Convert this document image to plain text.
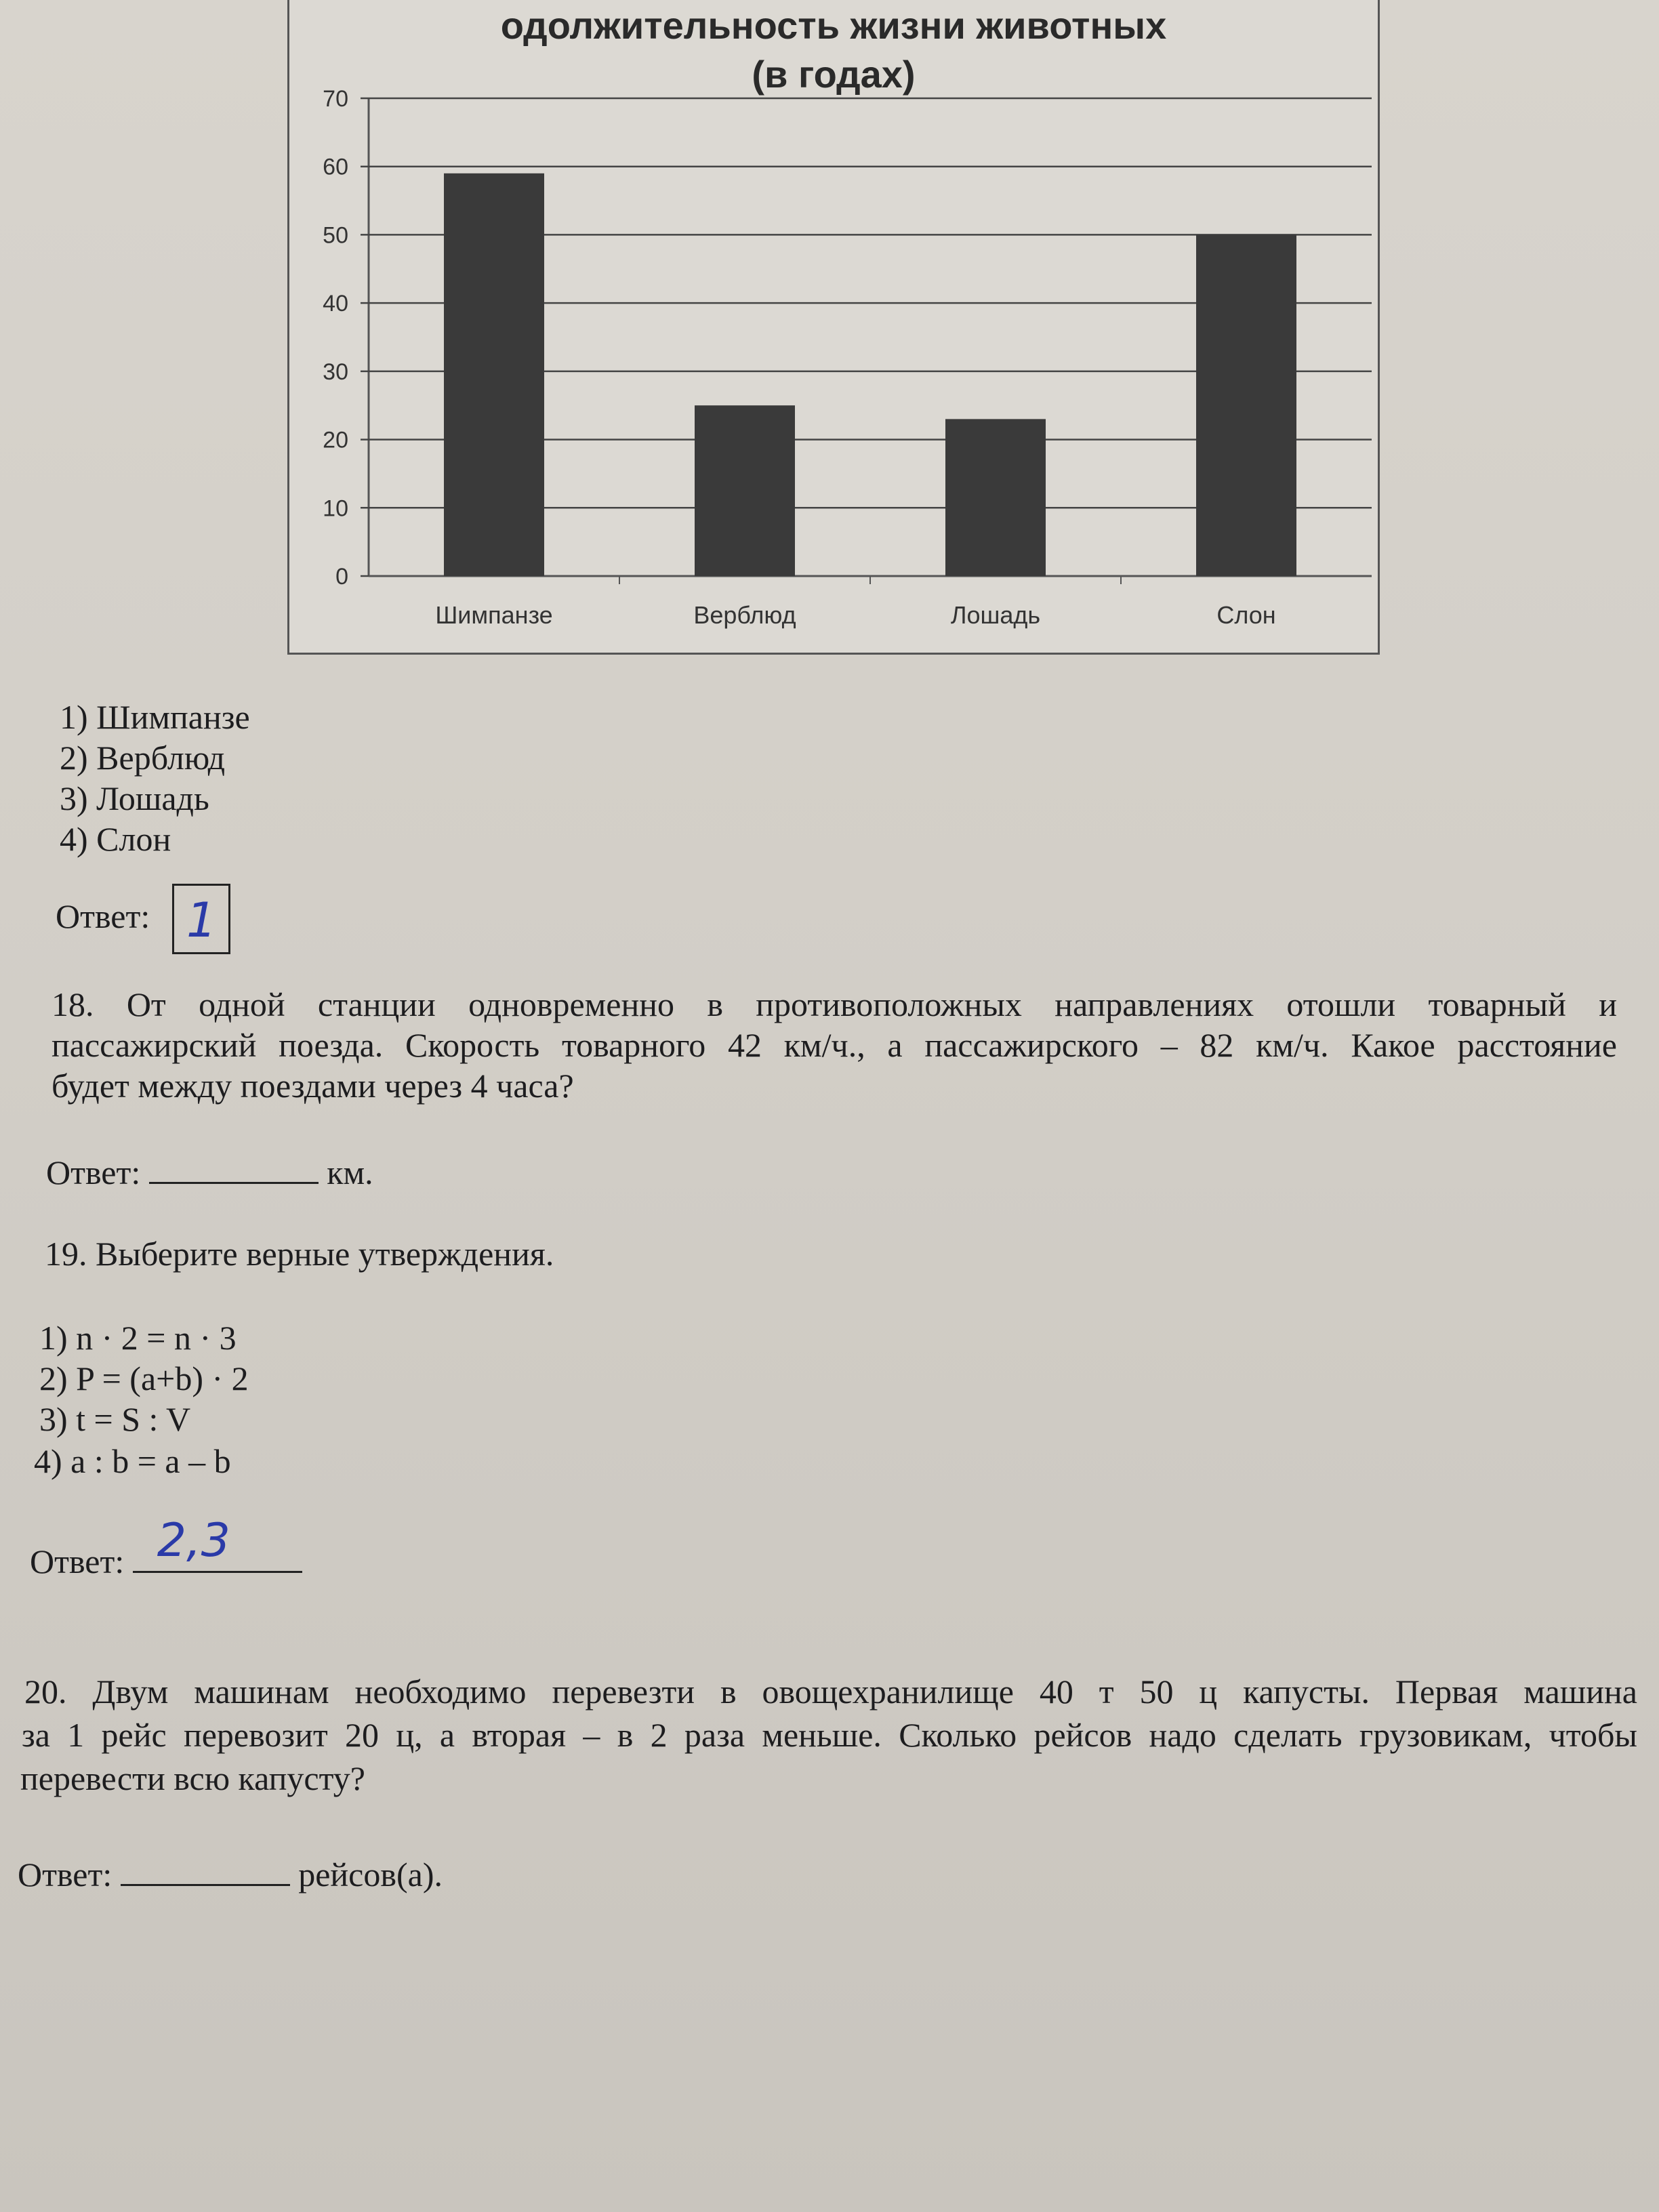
одолжительность жизни животных
(в годах)
0
10
20
30
40
50
60
70
Шимпанзе	Верблюд	Лошадь	Слон
1) Шимпанзе
2) Верблюд
3) Лошадь
4) Слон
Ответ: 1
18. От одной станции одновременно в противоположных направлениях отошли товарный и
пассажирский поезда. Скорость товарного 42 км/ч., а пассажирского – 82 км/ч. Какое расстояние
будет между поездами через 4 часа?
Ответ:	км.
19. Выберите верные утверждения.
1) n · 2 = n · 3
2) P = (a+b) · 2
3) t = S : V
4) a : b = a – b
Ответ: 2,3
20. Двум машинам необходимо перевезти в овощехранилище 40 т 50 ц капусты. Первая машина
за 1 рейс перевозит 20 ц, а вторая – в 2 раза меньше. Сколько рейсов надо сделать грузовикам, чтобы
перевести всю капусту?
Ответ:	рейсов(а).
